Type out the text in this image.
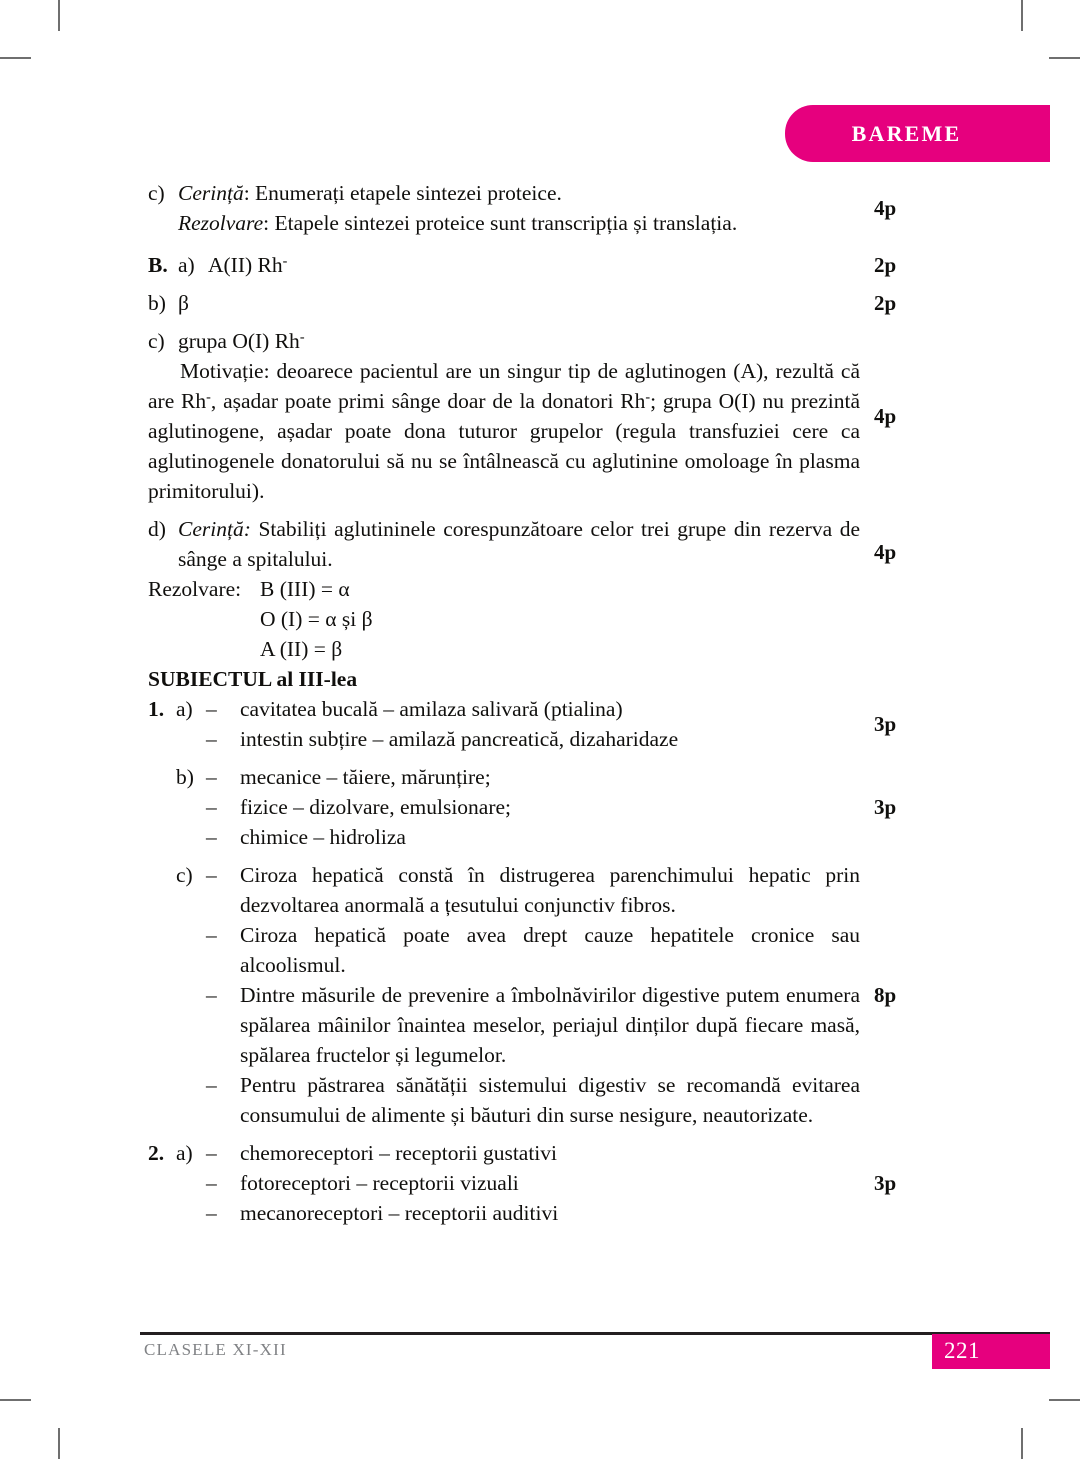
BAREME
c) Cerință: Enumerați etapele sintezei proteice.

Rezolvare: Etapele sintezei proteice sunt transcripția și translația.
4p
B. a) A(II) Rh-	2p
b) β	2p
c) grupa O(I) Rh-
Motivație: deoarece pacientul are un singur tip de aglutinogen (A), rezultă că are Rh-, așadar poate primi sânge doar de la donatori Rh-; grupa O(I) nu prezintă aglutinogene, așadar poate dona tuturor grupelor (regula transfuziei cere ca aglutinogenele donatorului să nu se întâlnească cu aglutinine omoloage în plasma primitorului).
4p
d) Cerință: Stabiliți aglutininele corespunzătoare celor trei grupe din rezerva de sânge a spitalului.
Rezolvare: B (III) = α

O (I) = α și β

A (II) = β
4p
SUBIECTUL al III-lea
1. a) –	cavitatea bucală – amilaza salivară (ptialina)

–	intestin subțire – amilază pancreatică, dizaharidaze
3p

b) –	mecanice – tăiere, mărunțire;

–	fizice – dizolvare, emulsionare;

–	chimice – hidroliza
3p

c) –	Ciroza hepatică constă în distrugerea parenchimului hepatic prin dezvoltarea anormală a țesutului conjunctiv fibros.

–	Ciroza hepatică poate avea drept cauze hepatitele cronice sau alcoolismul.

–	Dintre măsurile de prevenire a îmbolnăvirilor digestive putem enumera spălarea mâinilor înaintea meselor, periajul dinților după fiecare masă, spălarea fructelor și legumelor.

–	Pentru păstrarea sănătății sistemului digestiv se recomandă evitarea consumului de alimente și băuturi din surse nesigure, neautorizate.
8p
2. a) –	chemoreceptori – receptorii gustativi

–	fotoreceptori – receptorii vizuali

–	mecanoreceptori – receptorii auditivi
3p
CLASELE XI-XII	221
